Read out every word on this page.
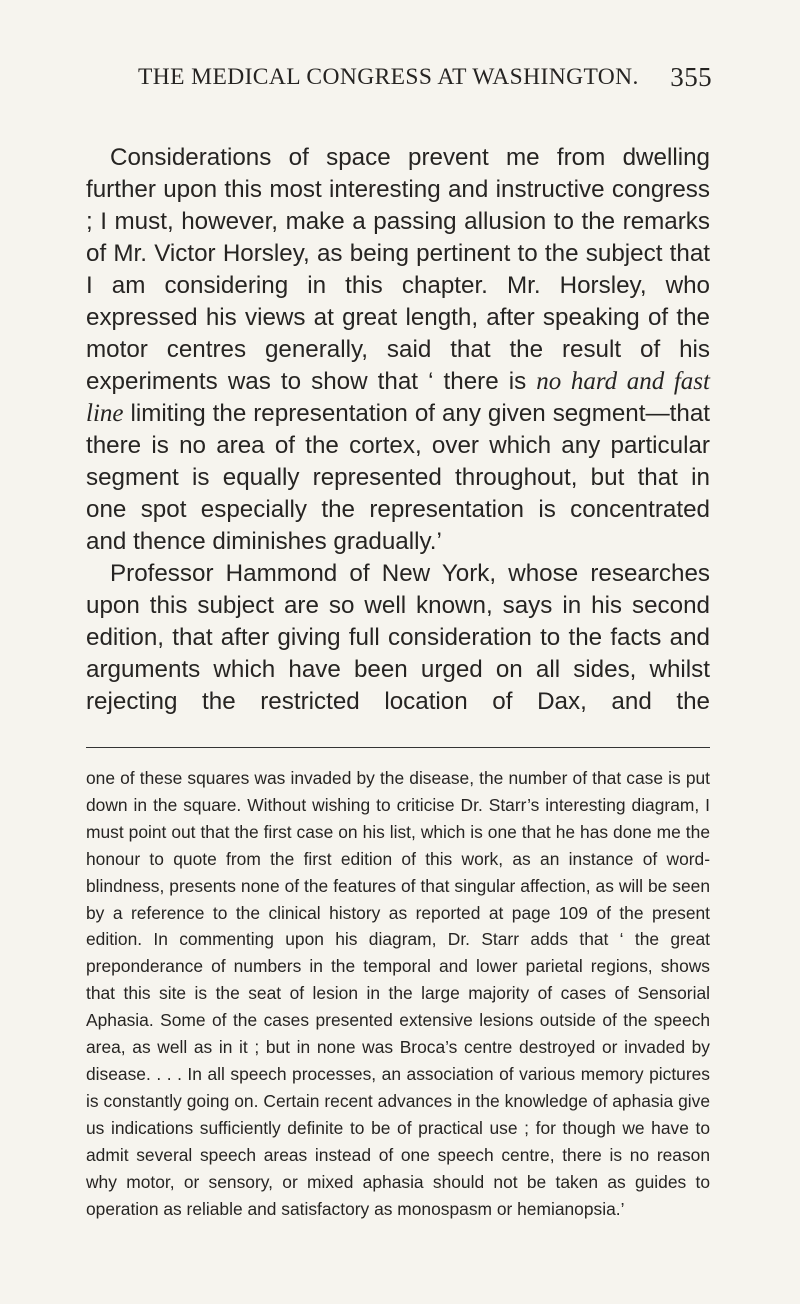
THE MEDICAL CONGRESS AT WASHINGTON. 355

Considerations of space prevent me from dwelling further upon this most interesting and instructive congress ; I must, however, make a passing allusion to the remarks of Mr. Victor Horsley, as being pertinent to the subject that I am considering in this chapter. Mr. Horsley, who expressed his views at great length, after speaking of the motor centres generally, said that the result of his experiments was to show that ‘ there is no hard and fast line limiting the representation of any given segment—that there is no area of the cortex, over which any particular segment is equally represented throughout, but that in one spot especially the representation is concentrated and thence diminishes gradually.’

Professor Hammond of New York, whose researches upon this subject are so well known, says in his second edition, that after giving full consideration to the facts and arguments which have been urged on all sides, whilst rejecting the restricted location of Dax, and the

one of these squares was invaded by the disease, the number of that case is put down in the square. Without wishing to criticise Dr. Starr’s interesting diagram, I must point out that the first case on his list, which is one that he has done me the honour to quote from the first edition of this work, as an instance of word-blindness, presents none of the features of that singular affection, as will be seen by a reference to the clinical history as reported at page 109 of the present edition. In commenting upon his diagram, Dr. Starr adds that ‘ the great preponderance of numbers in the temporal and lower parietal regions, shows that this site is the seat of lesion in the large majority of cases of Sensorial Aphasia. Some of the cases presented extensive lesions outside of the speech area, as well as in it ; but in none was Broca’s centre destroyed or invaded by disease. . . . In all speech processes, an association of various memory pictures is constantly going on. Certain recent advances in the knowledge of aphasia give us indications sufficiently definite to be of practical use ; for though we have to admit several speech areas instead of one speech centre, there is no reason why motor, or sensory, or mixed aphasia should not be taken as guides to operation as reliable and satisfactory as monospasm or hemianopsia.’
